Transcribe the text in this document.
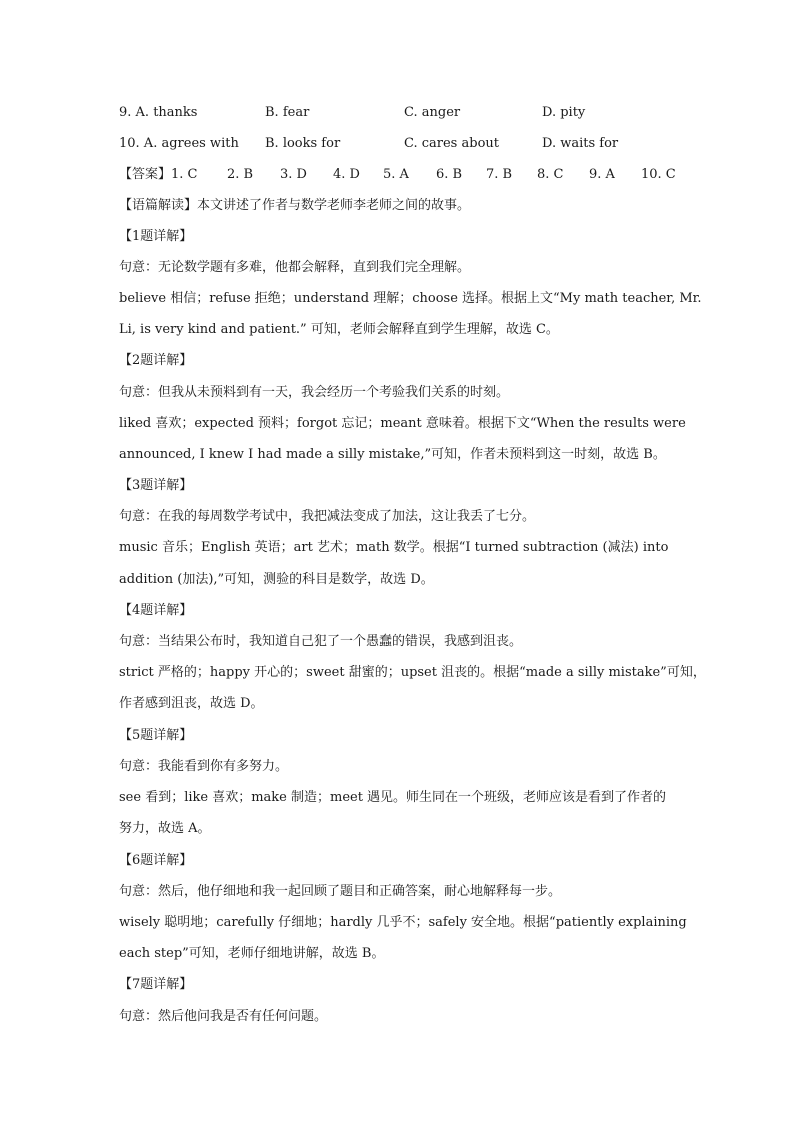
9. A. thanks	B. fear	C. anger	D. pity
10. A. agrees with B. looks for	C. cares about	D. waits for
【答案】1. C 2. B 3. D 4. D 5. A 6. B 7. B 8. C 9. A 10. C
【语篇解读】本文讲述了作者与数学老师李老师之间的故事。
【1题详解】
句意：无论数学题有多难，他都会解释，直到我们完全理解。
believe 相信；refuse 拒绝；understand 理解；choose 选择。根据上文“My math teacher, Mr.
Li, is very kind and patient.” 可知，老师会解释直到学生理解，故选 C。
【2题详解】
句意：但我从未预料到有一天，我会经历一个考验我们关系的时刻。
liked 喜欢；expected 预料；forgot 忘记；meant 意味着。根据下文“When the results were
announced, I knew I had made a silly mistake,”可知，作者未预料到这一时刻，故选 B。
【3题详解】
句意：在我的每周数学考试中，我把减法变成了加法，这让我丢了七分。
music 音乐；English 英语；art 艺术；math 数学。根据“I turned subtraction (减法) into
addition (加法),”可知，测验的科目是数学，故选 D。
【4题详解】
句意：当结果公布时，我知道自己犯了一个愚蠢的错误，我感到沮丧。
strict 严格的；happy 开心的；sweet 甜蜜的；upset 沮丧的。根据“made a silly mistake”可知，
作者感到沮丧，故选 D。
【5题详解】
句意：我能看到你有多努力。
see 看到；like 喜欢；make 制造；meet 遇见。师生同在一个班级，老师应该是看到了作者的
努力，故选 A。
【6题详解】
句意：然后，他仔细地和我一起回顾了题目和正确答案，耐心地解释每一步。
wisely 聪明地；carefully 仔细地；hardly 几乎不；safely 安全地。根据“patiently explaining
each step”可知，老师仔细地讲解，故选 B。
【7题详解】
句意：然后他问我是否有任何问题。
